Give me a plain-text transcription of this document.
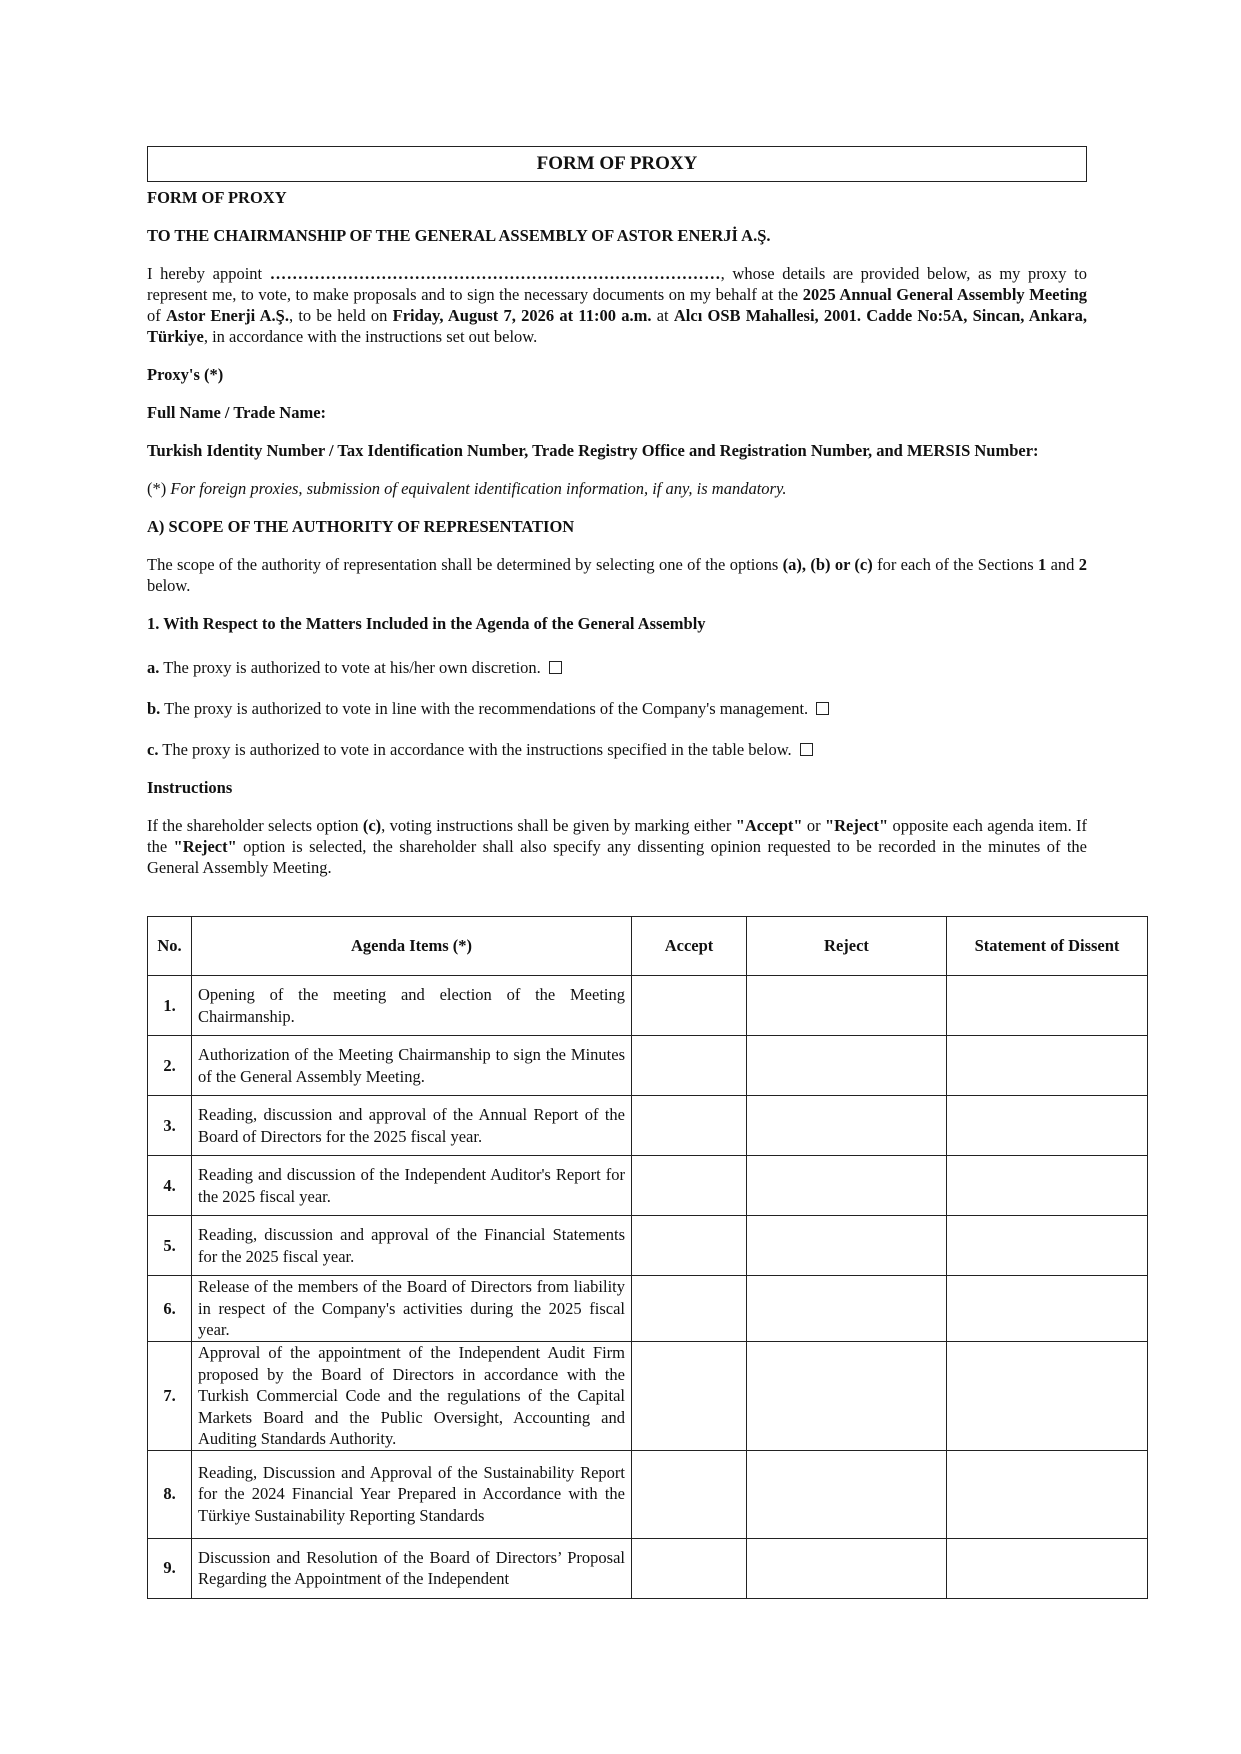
FORM OF PROXY

FORM OF PROXY

TO THE CHAIRMANSHIP OF THE GENERAL ASSEMBLY OF ASTOR ENERJİ A.Ş.

I hereby appoint ………………………………………………………………………, whose details are provided below, as my proxy to represent me, to vote, to make proposals and to sign the necessary documents on my behalf at the 2025 Annual General Assembly Meeting of Astor Enerji A.Ş., to be held on Friday, August 7, 2026 at 11:00 a.m. at Alcı OSB Mahallesi, 2001. Cadde No:5A, Sincan, Ankara, Türkiye, in accordance with the instructions set out below.

Proxy's (*)

Full Name / Trade Name:

Turkish Identity Number / Tax Identification Number, Trade Registry Office and Registration Number, and MERSIS Number:

(*) For foreign proxies, submission of equivalent identification information, if any, is mandatory.

A) SCOPE OF THE AUTHORITY OF REPRESENTATION

The scope of the authority of representation shall be determined by selecting one of the options (a), (b) or (c) for each of the Sections 1 and 2 below.

1. With Respect to the Matters Included in the Agenda of the General Assembly

a. The proxy is authorized to vote at his/her own discretion.

b. The proxy is authorized to vote in line with the recommendations of the Company's management.

c. The proxy is authorized to vote in accordance with the instructions specified in the table below.

Instructions

If the shareholder selects option (c), voting instructions shall be given by marking either "Accept" or "Reject" opposite each agenda item. If the "Reject" option is selected, the shareholder shall also specify any dissenting opinion requested to be recorded in the minutes of the General Assembly Meeting.

No.	Agenda Items (*)	Accept	Reject	Statement of Dissent
1.	Opening of the meeting and election of the Meeting Chairmanship.			
2.	Authorization of the Meeting Chairmanship to sign the Minutes of the General Assembly Meeting.			
3.	Reading, discussion and approval of the Annual Report of the Board of Directors for the 2025 fiscal year.			
4.	Reading and discussion of the Independent Auditor's Report for the 2025 fiscal year.			
5.	Reading, discussion and approval of the Financial Statements for the 2025 fiscal year.			
6.	Release of the members of the Board of Directors from liability in respect of the Company's activities during the 2025 fiscal year.			
7.	Approval of the appointment of the Independent Audit Firm proposed by the Board of Directors in accordance with the Turkish Commercial Code and the regulations of the Capital Markets Board and the Public Oversight, Accounting and Auditing Standards Authority.			
8.	Reading, Discussion and Approval of the Sustainability Report for the 2024 Financial Year Prepared in Accordance with the Türkiye Sustainability Reporting Standards			
9.	Discussion and Resolution of the Board of Directors’ Proposal Regarding the Appointment of the Independent			
